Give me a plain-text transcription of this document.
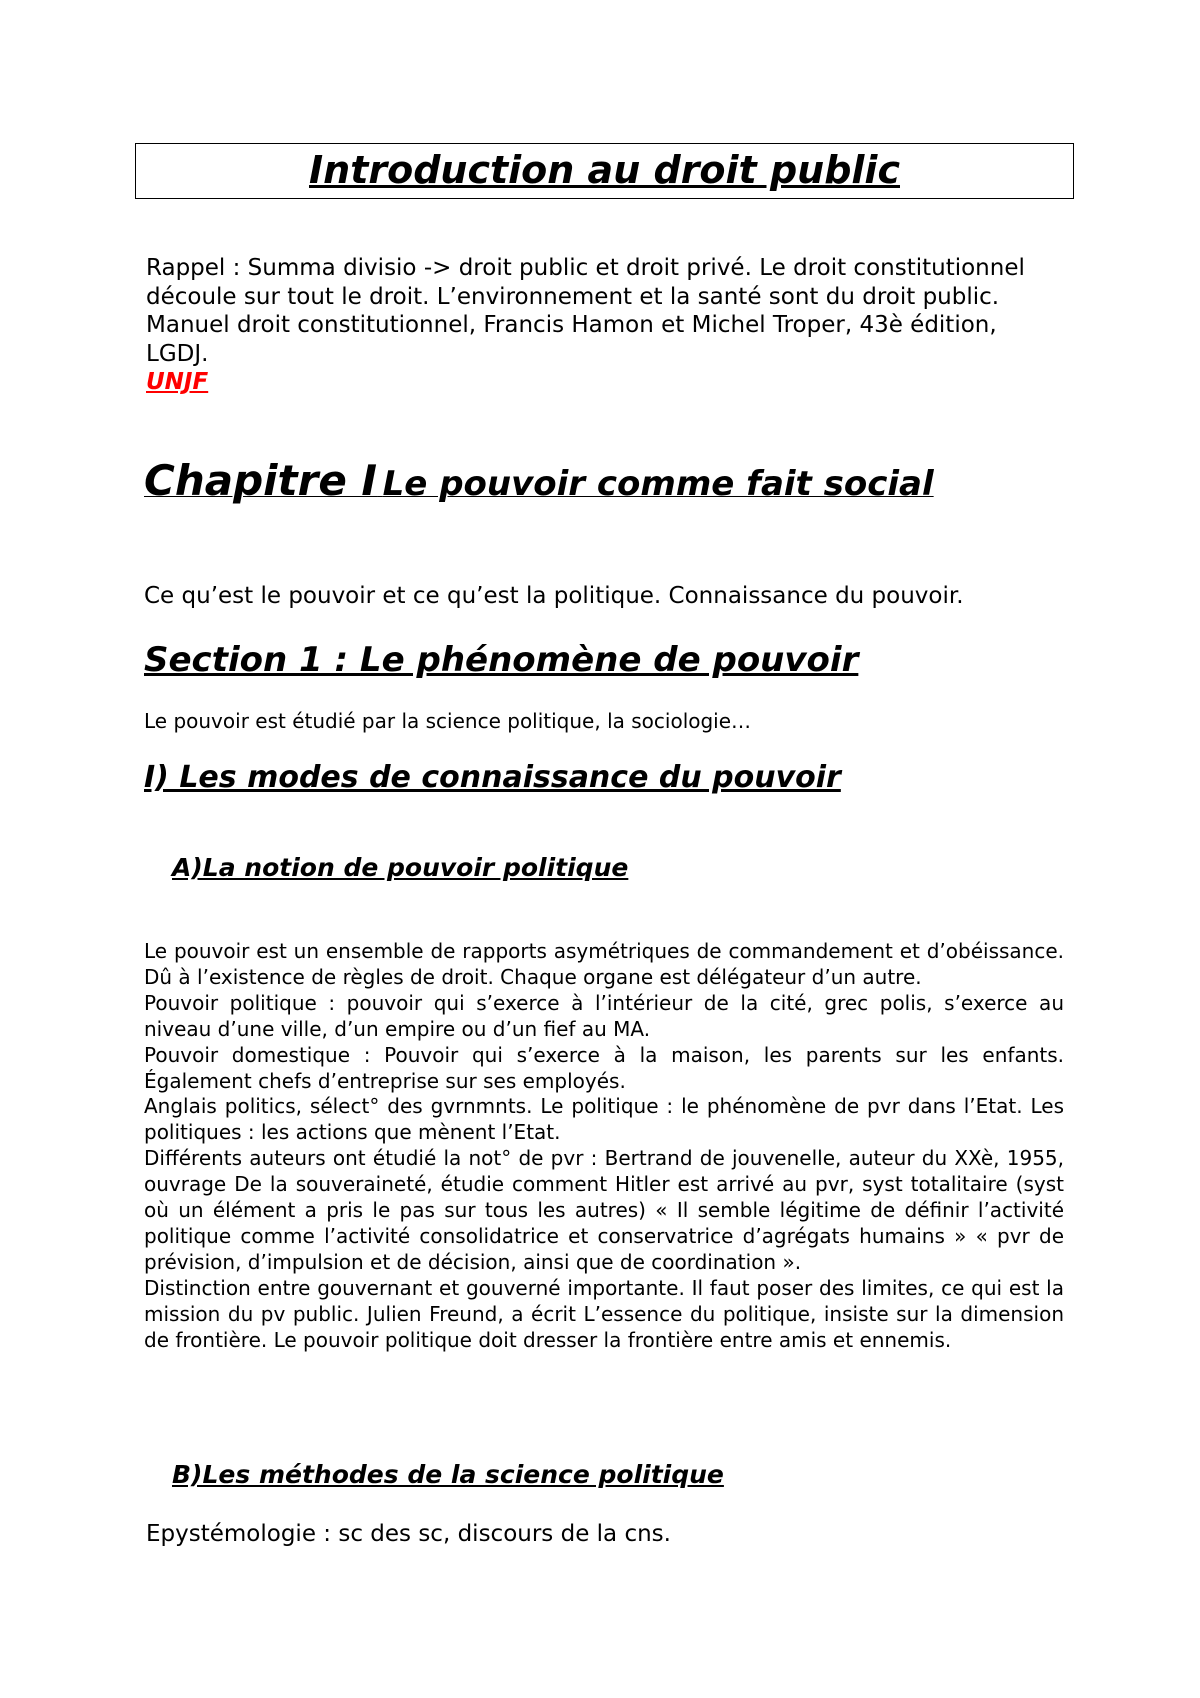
Introduction au droit public

Rappel : Summa divisio -> droit public et droit privé. Le droit constitutionnel découle sur tout le droit. L’environnement et la santé sont du droit public.

Manuel droit constitutionnel, Francis Hamon et Michel Troper, 43è édition, LGDJ.

UNJF

Chapitre I Le pouvoir comme fait social
Ce qu’est le pouvoir et ce qu’est la politique. Connaissance du pouvoir.
Section 1 : Le phénomène de pouvoir
Le pouvoir est étudié par la science politique, la sociologie…
I) Les modes de connaissance du pouvoir
A)La notion de pouvoir politique

Le pouvoir est un ensemble de rapports asymétriques de commandement et d’obéissance. Dû à l’existence de règles de droit. Chaque organe est délégateur d’un autre.

Pouvoir politique : pouvoir qui s’exerce à l’intérieur de la cité, grec polis, s’exerce au niveau d’une ville, d’un empire ou d’un fief au MA.

Pouvoir domestique : Pouvoir qui s’exerce à la maison, les parents sur les enfants. Également chefs d’entreprise sur ses employés.

Anglais politics, sélect° des gvrnmnts. Le politique : le phénomène de pvr dans l’Etat. Les politiques : les actions que mènent l’Etat.

Différents auteurs ont étudié la not° de pvr : Bertrand de jouvenelle, auteur du XXè, 1955, ouvrage De la souveraineté, étudie comment Hitler est arrivé au pvr, syst totalitaire (syst où un élément a pris le pas sur tous les autres) « Il semble légitime de définir l’activité politique comme l’activité consolidatrice et conservatrice d’agrégats humains » « pvr de prévision, d’impulsion et de décision, ainsi que de coordination ».

Distinction entre gouvernant et gouverné importante. Il faut poser des limites, ce qui est la mission du pv public. Julien Freund, a écrit L’essence du politique, insiste sur la dimension de frontière. Le pouvoir politique doit dresser la frontière entre amis et ennemis.

B)Les méthodes de la science politique
Epystémologie : sc des sc, discours de la cns.
